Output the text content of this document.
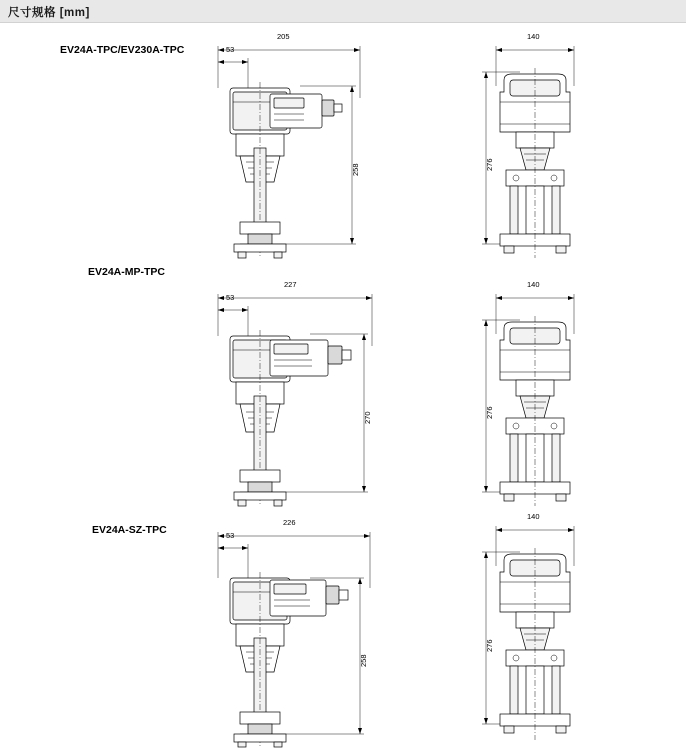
尺寸规格 [mm]
EV24A-TPC/EV230A-TPC
205
53
258
140
276
EV24A-MP-TPC
227
53
270
140
276
EV24A-SZ-TPC
226
53
258
140
276
